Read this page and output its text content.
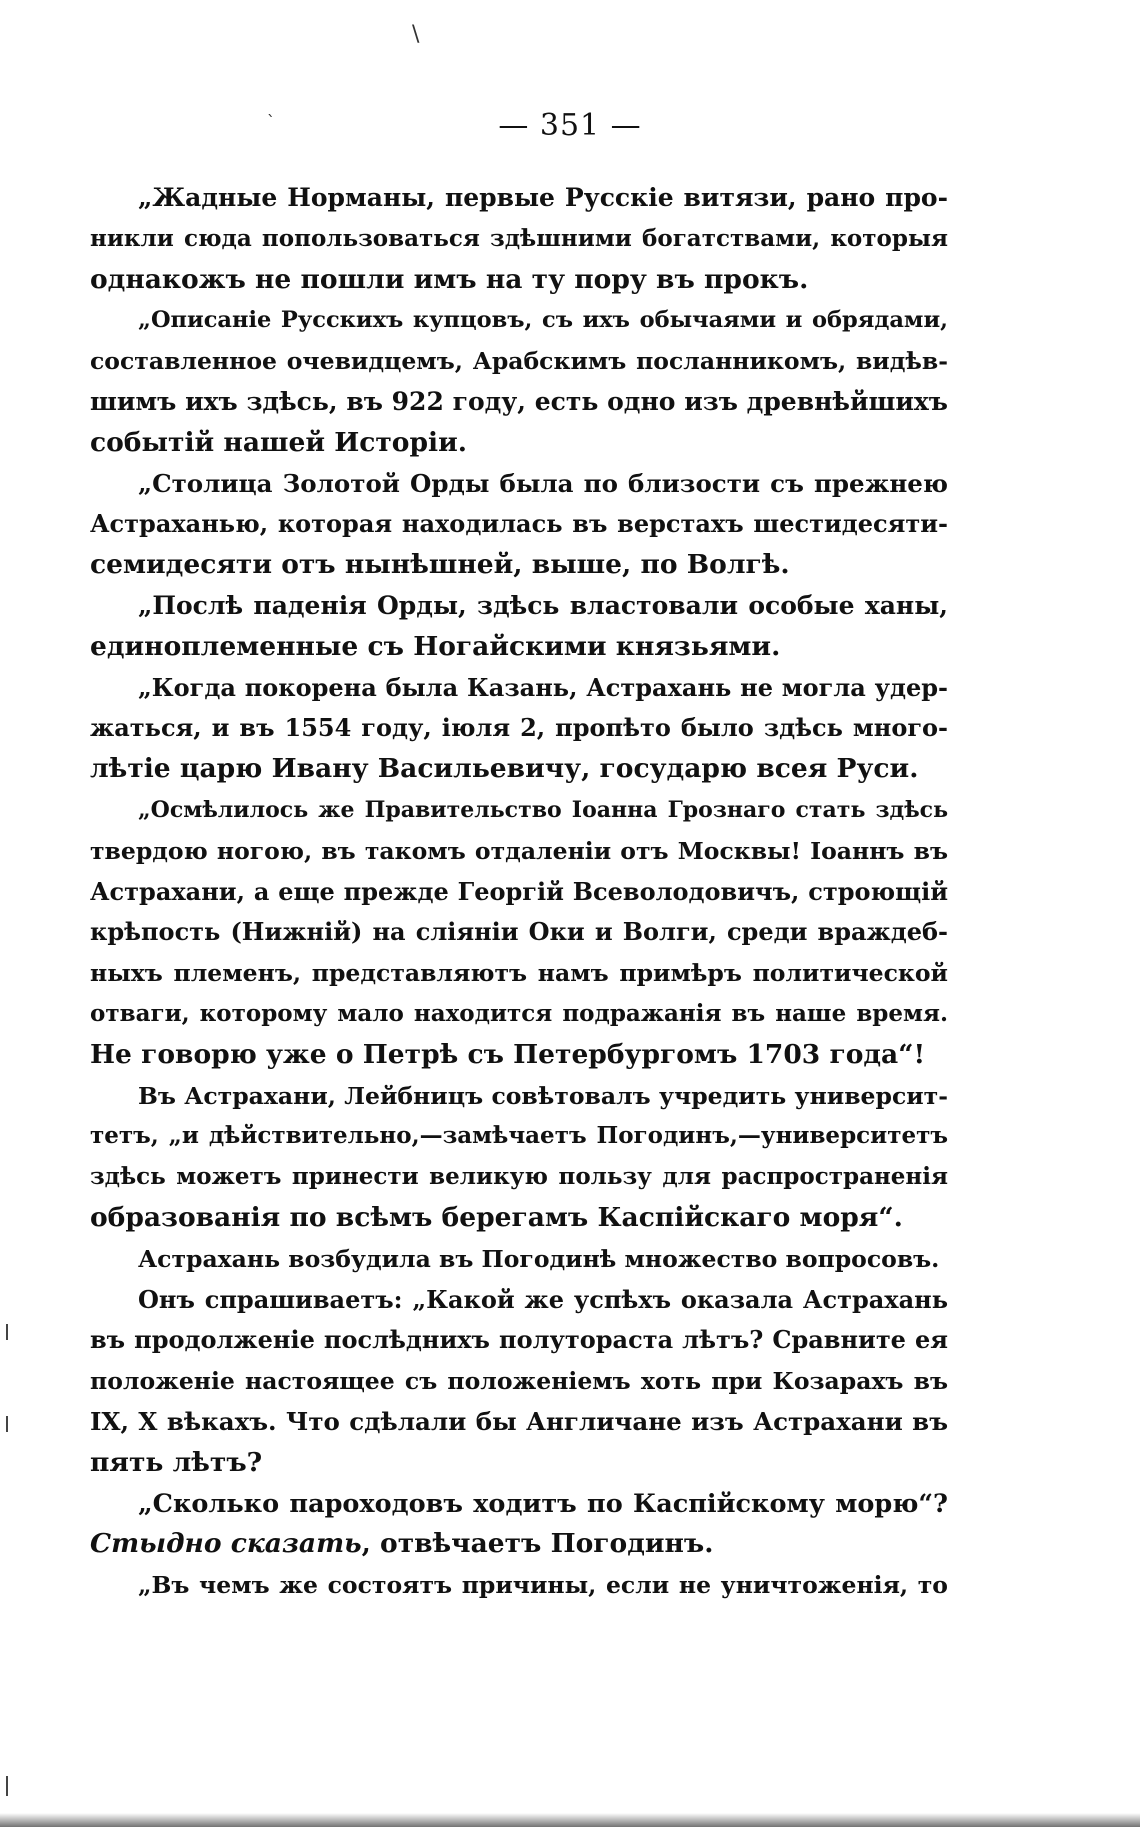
\
`	— 351 —
„Жадные Норманы, первые Русскiе витязи, рано про-
никли сюда попользоваться здѣшними богатствами, которыя
однакожъ не пошли имъ на ту пору въ прокъ.
„Описанiе Русскихъ купцовъ, съ ихъ обычаями и обрядами,
составленное очевидцемъ, Арабскимъ посланникомъ, видѣв-
шимъ ихъ здѣсь, въ 922 году, есть одно изъ древнѣйшихъ
событiй нашей Исторiи.
„Столица Золотой Орды была по близости съ прежнею
Астраханью, которая находилась въ верстахъ шестидесяти-
семидесяти отъ нынѣшней, выше, по Волгѣ.
„Послѣ паденiя Орды, здѣсь властовали особые ханы,
единоплеменные съ Ногайскими князьями.
„Когда покорена была Казань, Астрахань не могла удер-
жаться, и въ 1554 году, iюля 2, пропѣто было здѣсь много-
лѣтiе царю Ивану Васильевичу, государю всея Руси.
„Осмѣлилось же Правительство Iоанна Грознаго стать здѣсь
твердою ногою, въ такомъ отдаленiи отъ Москвы! Iоаннъ въ
Астрахани, а еще прежде Георгiй Всеволодовичъ, строющiй
крѣпость (Нижнiй) на слiянiи Оки и Волги, среди враждеб-
ныхъ племенъ, представляютъ намъ примѣръ политической
отваги, которому мало находится подражанiя въ наше время.
Не говорю уже о Петрѣ съ Петербургомъ 1703 года“!
Въ Астрахани, Лейбницъ совѣтовалъ учредить университ-
тетъ, „и дѣйствительно,—замѣчаетъ Погодинъ,—университетъ
здѣсь можетъ принести великую пользу для распространенiя
образованiя по всѣмъ берегамъ Каспiйскаго моря“.
Астрахань возбудила въ Погодинѣ множество вопросовъ.
Онъ спрашиваетъ: „Какой же успѣхъ оказала Астрахань
въ продолженiе послѣднихъ полутораста лѣтъ? Сравните ея
положенiе настоящее съ положенiемъ хоть при Козарахъ въ
IX, X вѣкахъ. Что сдѣлали бы Англичане изъ Астрахани въ
пять лѣтъ?
„Сколько пароходовъ ходитъ по Каспiйскому морю“?
Стыдно сказать, отвѣчаетъ Погодинъ.
„Въ чемъ же состоятъ причины, если не уничтоженiя, то
